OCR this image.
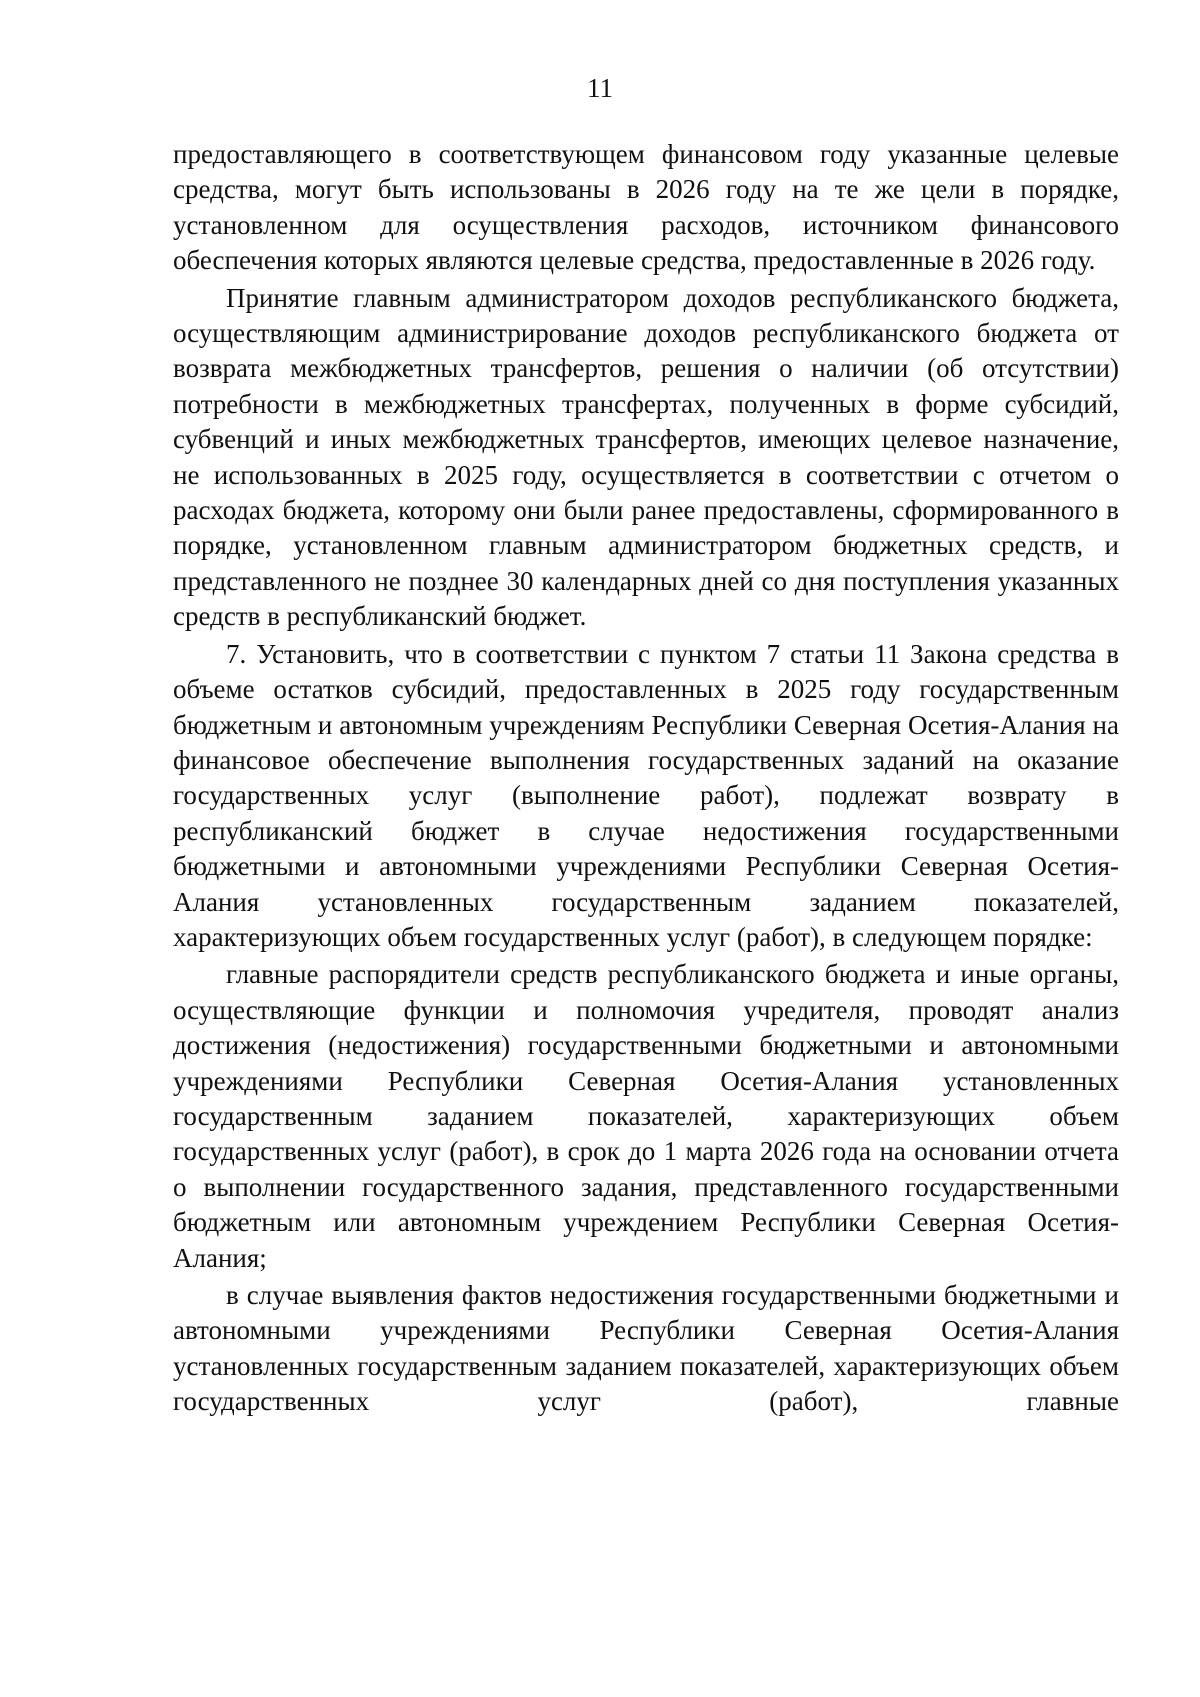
11

предоставляющего в соответствующем финансовом году указанные целевые средства, могут быть использованы в 2026 году на те же цели в порядке, установленном для осуществления расходов, источником финансового обеспечения которых являются целевые средства, предоставленные в 2026 году.

Принятие главным администратором доходов республиканского бюджета, осуществляющим администрирование доходов республиканского бюджета от возврата межбюджетных трансфертов, решения о наличии (об отсутствии) потребности в межбюджетных трансфертах, полученных в форме субсидий, субвенций и иных межбюджетных трансфертов, имеющих целевое назначение, не использованных в 2025 году, осуществляется в соответствии с отчетом о расходах бюджета, которому они были ранее предоставлены, сформированного в порядке, установленном главным администратором бюджетных средств, и представленного не позднее 30 календарных дней со дня поступления указанных средств в республиканский бюджет.

7. Установить, что в соответствии с пунктом 7 статьи 11 Закона средства в объеме остатков субсидий, предоставленных в 2025 году государственным бюджетным и автономным учреждениям Республики Северная Осетия-Алания на финансовое обеспечение выполнения государственных заданий на оказание государственных услуг (выполнение работ), подлежат возврату в республиканский бюджет в случае недостижения государственными бюджетными и автономными учреждениями Республики Северная Осетия-Алания установленных государственным заданием показателей, характеризующих объем государственных услуг (работ), в следующем порядке:

главные распорядители средств республиканского бюджета и иные органы, осуществляющие функции и полномочия учредителя, проводят анализ достижения (недостижения) государственными бюджетными и автономными учреждениями Республики Северная Осетия-Алания установленных государственным заданием показателей, характеризующих объем государственных услуг (работ), в срок до 1 марта 2026 года на основании отчета о выполнении государственного задания, представленного государственными бюджетным или автономным учреждением Республики Северная Осетия-Алания;

в случае выявления фактов недостижения государственными бюджетными и автономными учреждениями Республики Северная Осетия-Алания установленных государственным заданием показателей, характеризующих объем государственных услуг (работ), главные
